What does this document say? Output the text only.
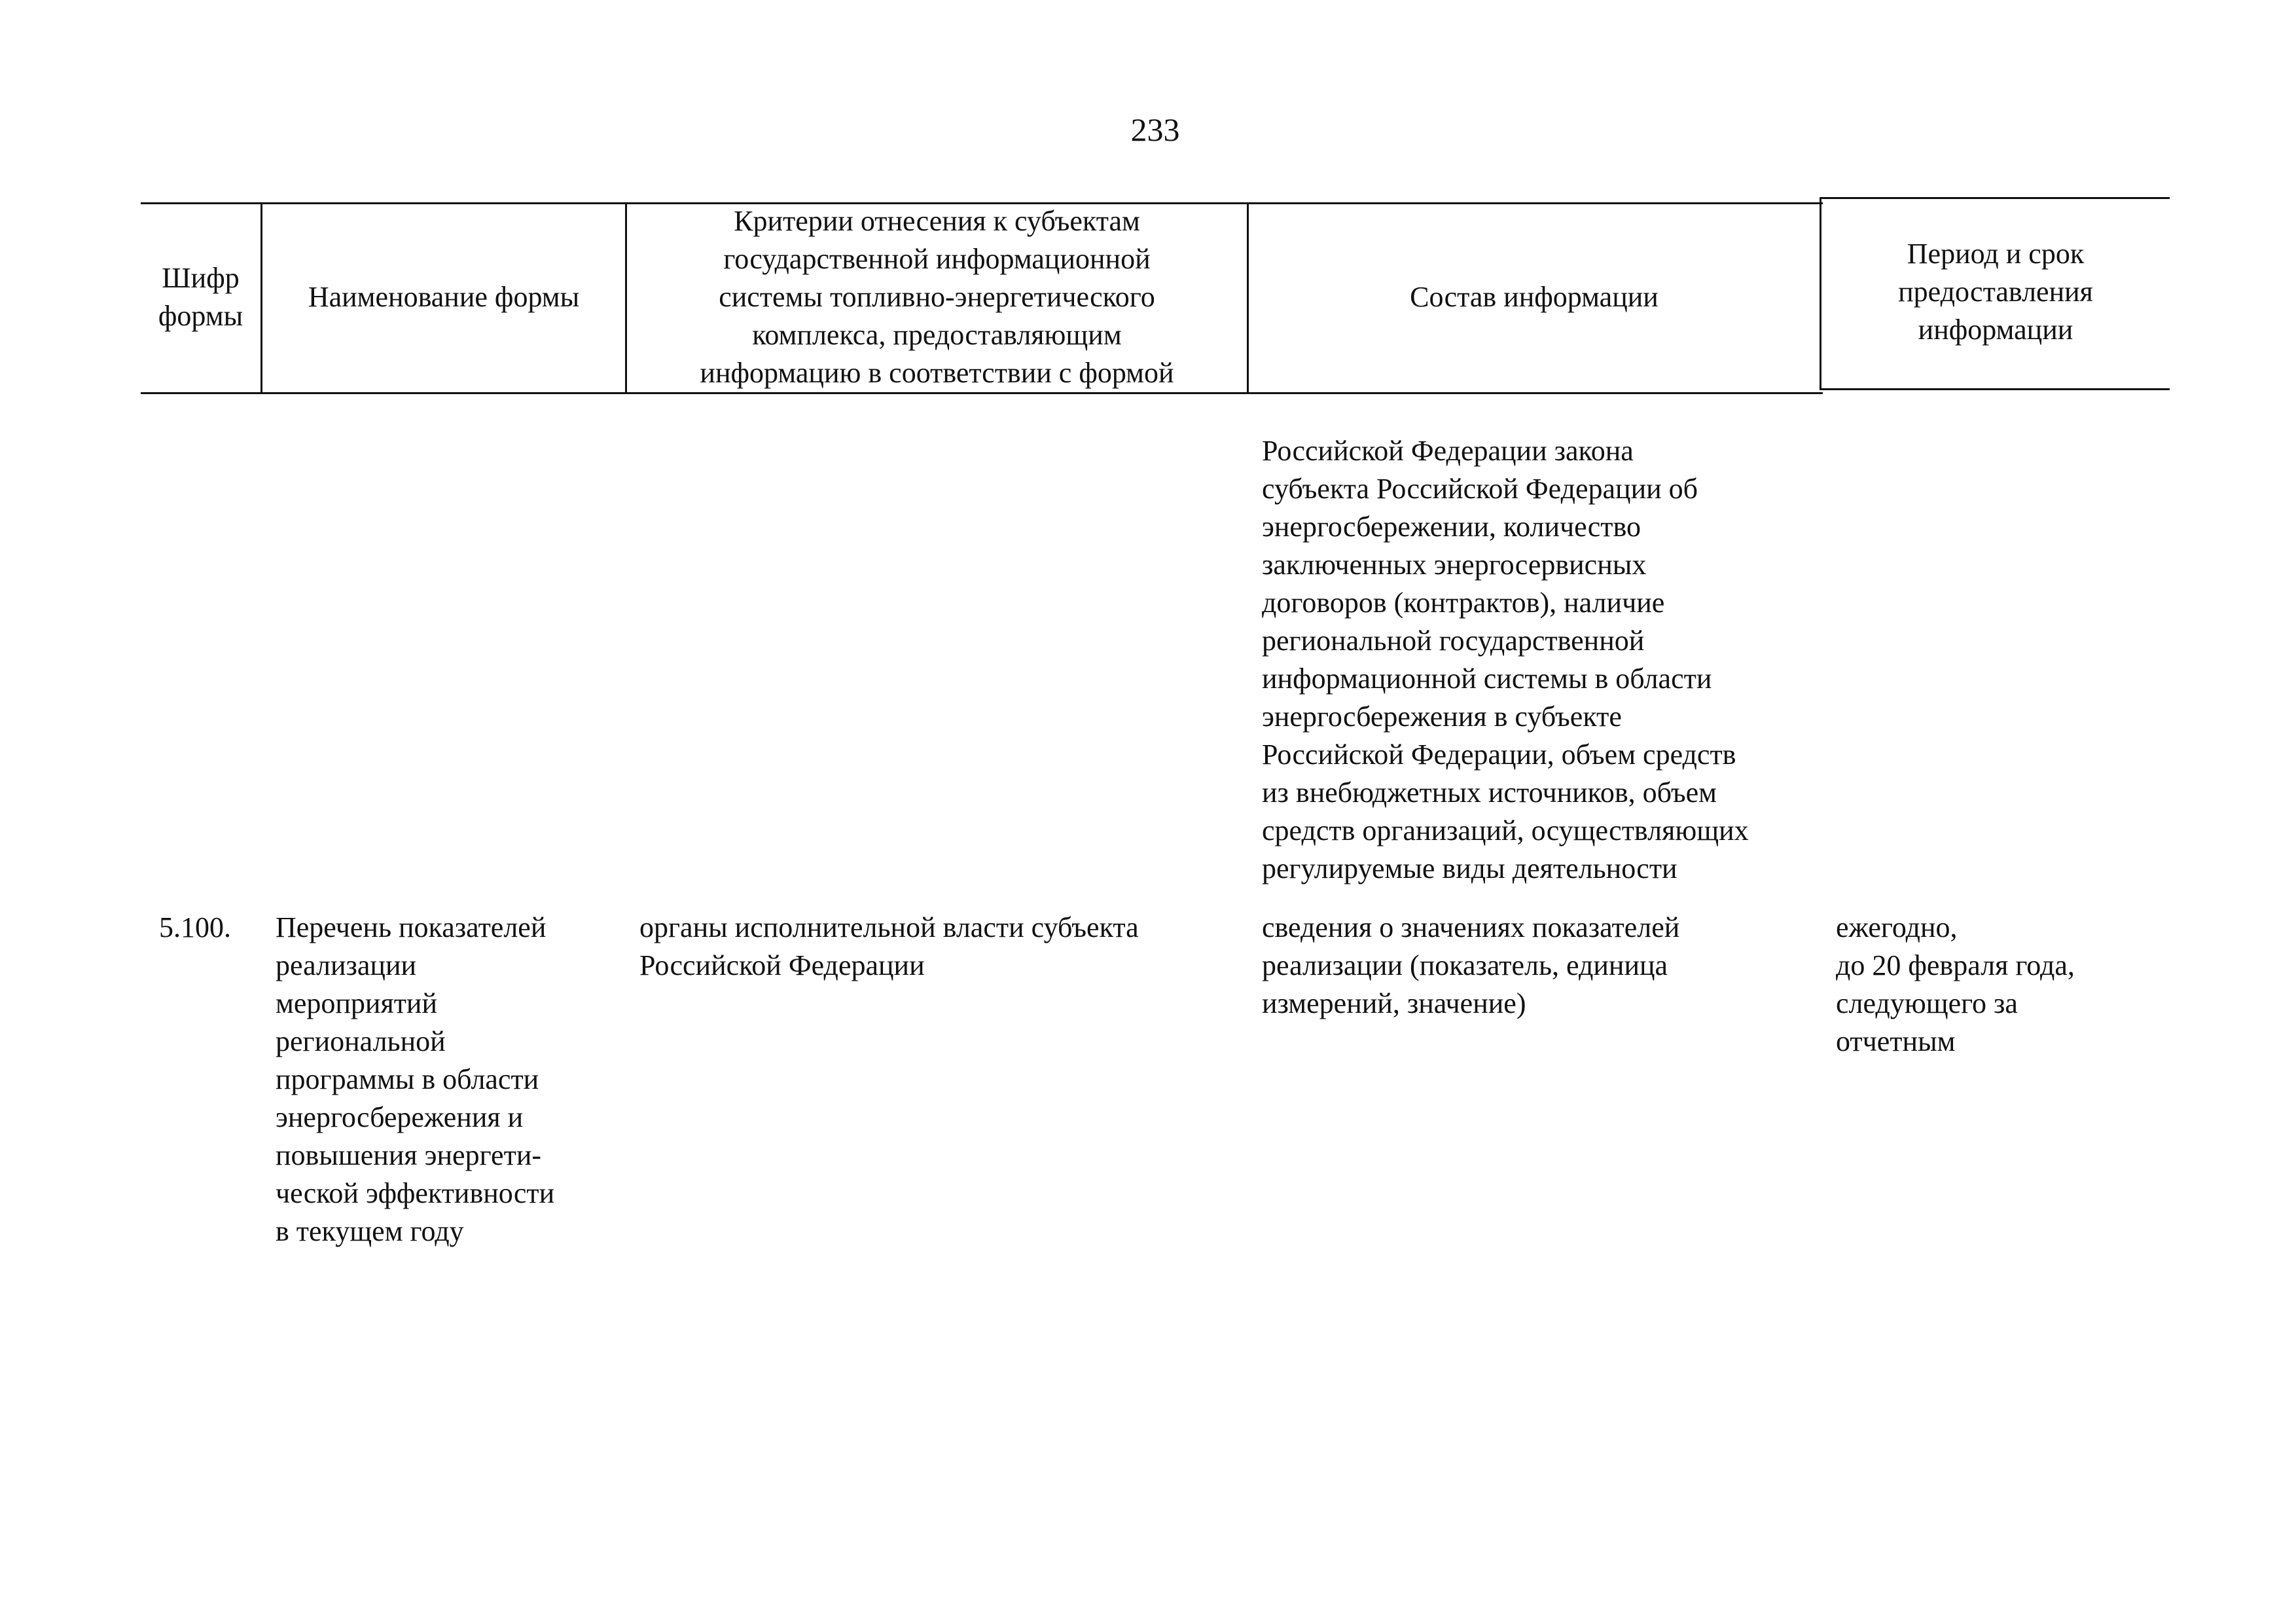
233
Шифр
формы
Наименование формы
Критерии отнесения к субъектам
государственной информационной
системы топливно-энергетического
комплекса, предоставляющим
информацию в соответствии с формой
Состав информации
Период и срок
предоставления
информации
Российской Федерации закона
субъекта Российской Федерации об
энергосбережении, количество
заключенных энергосервисных
договоров (контрактов), наличие
региональной государственной
информационной системы в области
энергосбережения в субъекте
Российской Федерации, объем средств
из внебюджетных источников, объем
средств организаций, осуществляющих
регулируемые виды деятельности
5.100.	Перечень показателей
реализации
мероприятий
региональной
программы в области
энергосбережения и
повышения энергети-
ческой эффективности
в текущем году
органы исполнительной власти субъекта
Российской Федерации
сведения о значениях показателей
реализации (показатель, единица
измерений, значение)
ежегодно,
до 20 февраля года,
следующего за
отчетным
